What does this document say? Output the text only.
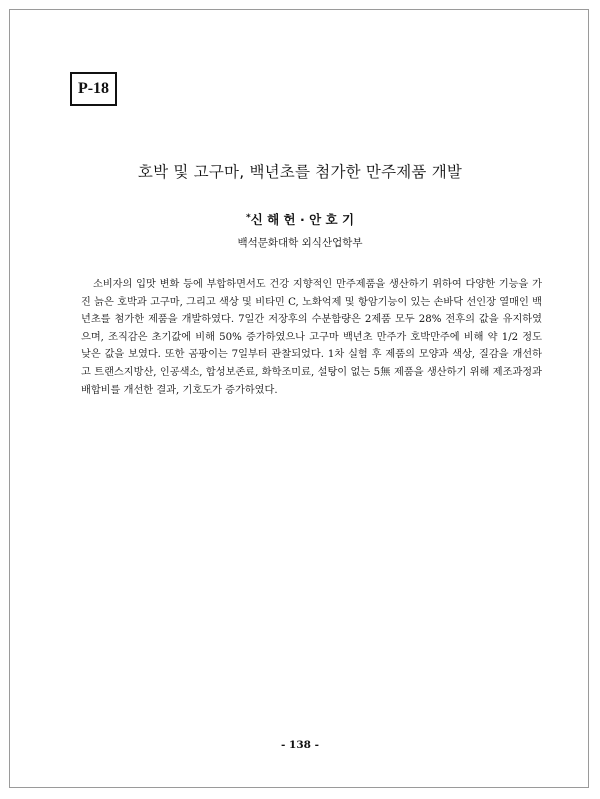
P-18
호박 및 고구마, 백년초를 첨가한 만주제품 개발
*신 해 헌 · 안 호 기
백석문화대학 외식산업학부

소비자의 입맛 변화 등에 부합하면서도 건강 지향적인 만주제품을 생산하기 위하여 다양한 기능을 가진 늙은 호박과 고구마, 그리고 색상 및 비타민 C, 노화억제 및 항암기능이 있는 손바닥 선인장 열매인 백년초를 첨가한 제품을 개발하였다. 7일간 저장후의 수분함량은 2제품 모두 28% 전후의 값을 유지하였으며, 조직감은 초기값에 비해 50% 증가하였으나 고구마 백년초 만주가 호박만주에 비해 약 1/2 정도 낮은 값을 보였다. 또한 곰팡이는 7일부터 관찰되었다. 1차 실험 후 제품의 모양과 색상, 질감을 개선하고 트랜스지방산, 인공색소, 합성보존료, 화학조미료, 설탕이 없는 5無 제품을 생산하기 위해 제조과정과 배합비를 개선한 결과, 기호도가 증가하였다.

- 138 -
